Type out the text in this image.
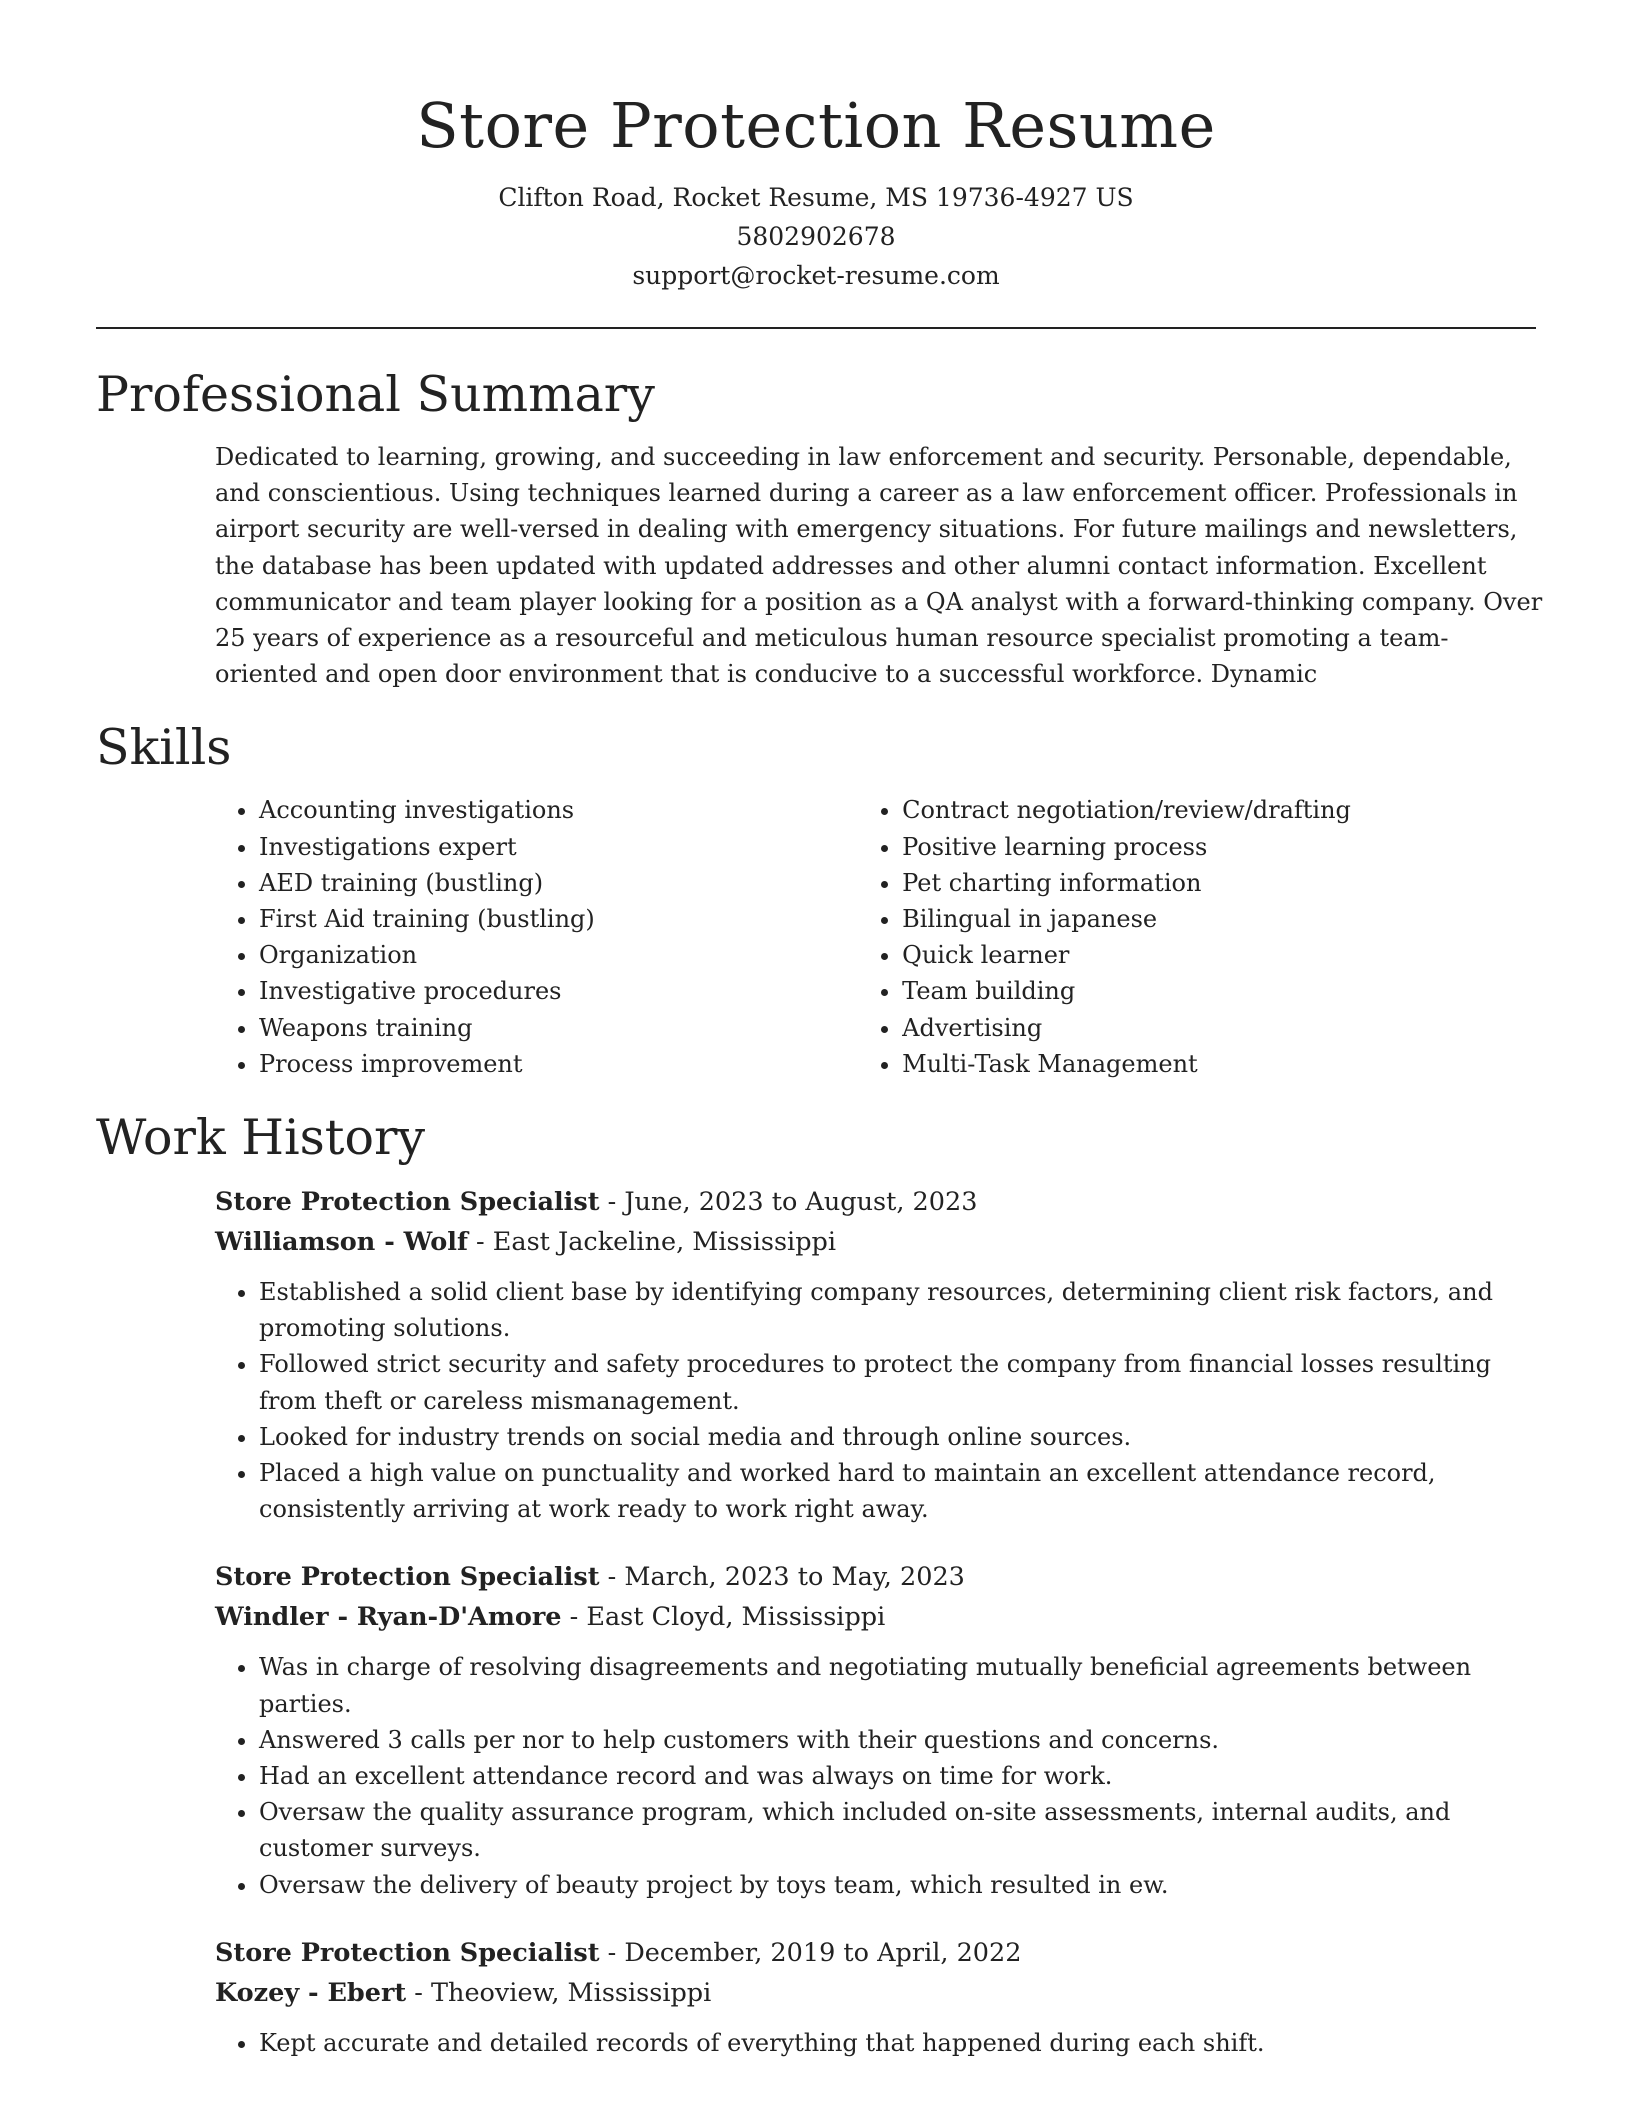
Store Protection Resume

Clifton Road, Rocket Resume, MS 19736-4927 US

5802902678

support@rocket-resume.com

Professional Summary

Dedicated to learning, growing, and succeeding in law enforcement and security. Personable, dependable, and conscientious. Using techniques learned during a career as a law enforcement officer. Professionals in airport security are well-versed in dealing with emergency situations. For future mailings and newsletters, the database has been updated with updated addresses and other alumni contact information. Excellent communicator and team player looking for a position as a QA analyst with a forward-thinking company. Over 25 years of experience as a resourceful and meticulous human resource specialist promoting a team-oriented and open door environment that is conducive to a successful workforce. Dynamic

Skills
• Accounting investigations
• Investigations expert
• AED training (bustling)
• First Aid training (bustling)
• Organization
• Investigative procedures
• Weapons training
• Process improvement
• Contract negotiation/review/drafting
• Positive learning process
• Pet charting information
• Bilingual in japanese
• Quick learner
• Team building
• Advertising
• Multi-Task Management
Work History

Store Protection Specialist - June, 2023 to August, 2023

Williamson - Wolf - East Jackeline, Mississippi

• Established a solid client base by identifying company resources, determining client risk factors, and promoting solutions.
• Followed strict security and safety procedures to protect the company from financial losses resulting from theft or careless mismanagement.
• Looked for industry trends on social media and through online sources.
• Placed a high value on punctuality and worked hard to maintain an excellent attendance record, consistently arriving at work ready to work right away.

Store Protection Specialist - March, 2023 to May, 2023

Windler - Ryan-D'Amore - East Cloyd, Mississippi

• Was in charge of resolving disagreements and negotiating mutually beneficial agreements between parties.
• Answered 3 calls per nor to help customers with their questions and concerns.
• Had an excellent attendance record and was always on time for work.
• Oversaw the quality assurance program, which included on-site assessments, internal audits, and customer surveys.
• Oversaw the delivery of beauty project by toys team, which resulted in ew.

Store Protection Specialist - December, 2019 to April, 2022

Kozey - Ebert - Theoview, Mississippi

• Kept accurate and detailed records of everything that happened during each shift.
